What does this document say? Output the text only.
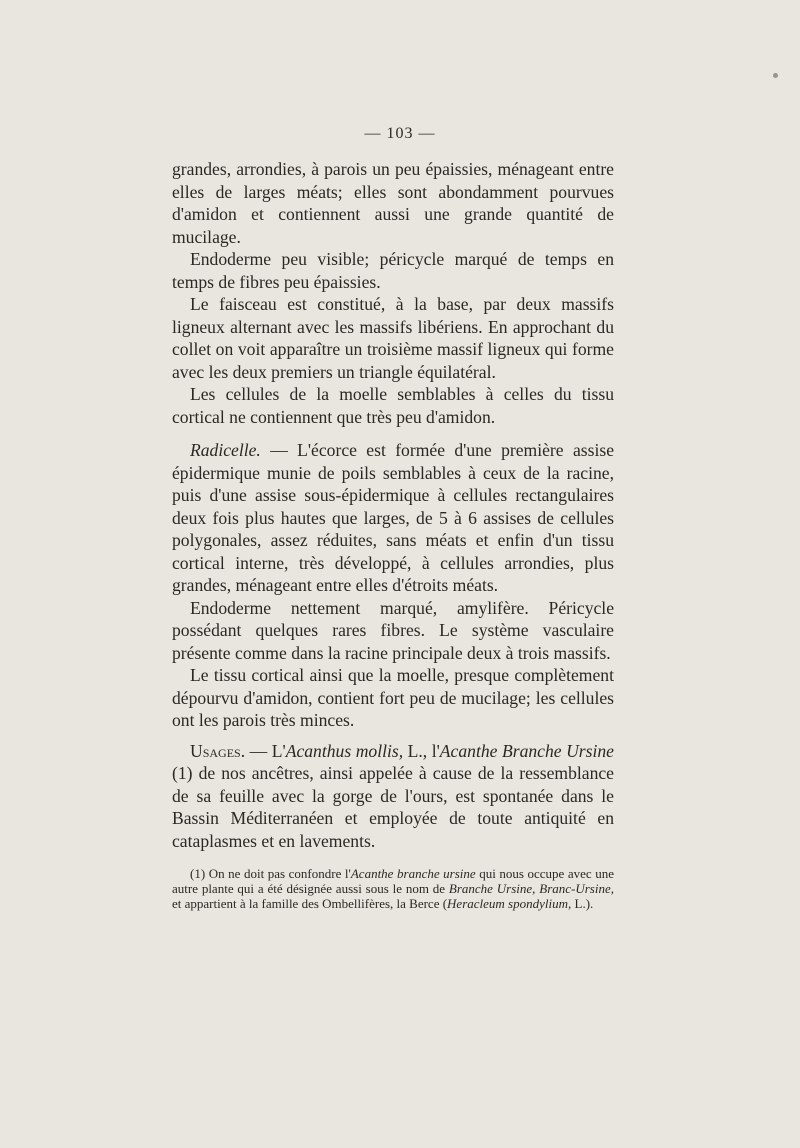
— 103 —

grandes, arrondies, à parois un peu épaissies, ménageant entre elles de larges méats; elles sont abondamment pourvues d'amidon et contiennent aussi une grande quantité de mucilage.

Endoderme peu visible; péricycle marqué de temps en temps de fibres peu épaissies.

Le faisceau est constitué, à la base, par deux massifs ligneux alternant avec les massifs libériens. En approchant du collet on voit apparaître un troisième massif ligneux qui forme avec les deux premiers un triangle équilatéral.

Les cellules de la moelle semblables à celles du tissu cortical ne contiennent que très peu d'amidon.

Radicelle. — L'écorce est formée d'une première assise épidermique munie de poils semblables à ceux de la racine, puis d'une assise sous-épidermique à cellules rectangulaires deux fois plus hautes que larges, de 5 à 6 assises de cellules polygonales, assez réduites, sans méats et enfin d'un tissu cortical interne, très développé, à cellules arrondies, plus grandes, ménageant entre elles d'étroits méats.

Endoderme nettement marqué, amylifère. Péricycle possédant quelques rares fibres. Le système vasculaire présente comme dans la racine principale deux à trois massifs.

Le tissu cortical ainsi que la moelle, presque complètement dépourvu d'amidon, contient fort peu de mucilage; les cellules ont les parois très minces.

Usages. — L'Acanthus mollis, L., l'Acanthe Branche Ursine (1) de nos ancêtres, ainsi appelée à cause de la ressemblance de sa feuille avec la gorge de l'ours, est spontanée dans le Bassin Méditerranéen et employée de toute antiquité en cataplasmes et en lavements.

(1) On ne doit pas confondre l'Acanthe branche ursine qui nous occupe avec une autre plante qui a été désignée aussi sous le nom de Branche Ursine, Branc-Ursine, et appartient à la famille des Ombellifères, la Berce (Heracleum spondylium, L.).
